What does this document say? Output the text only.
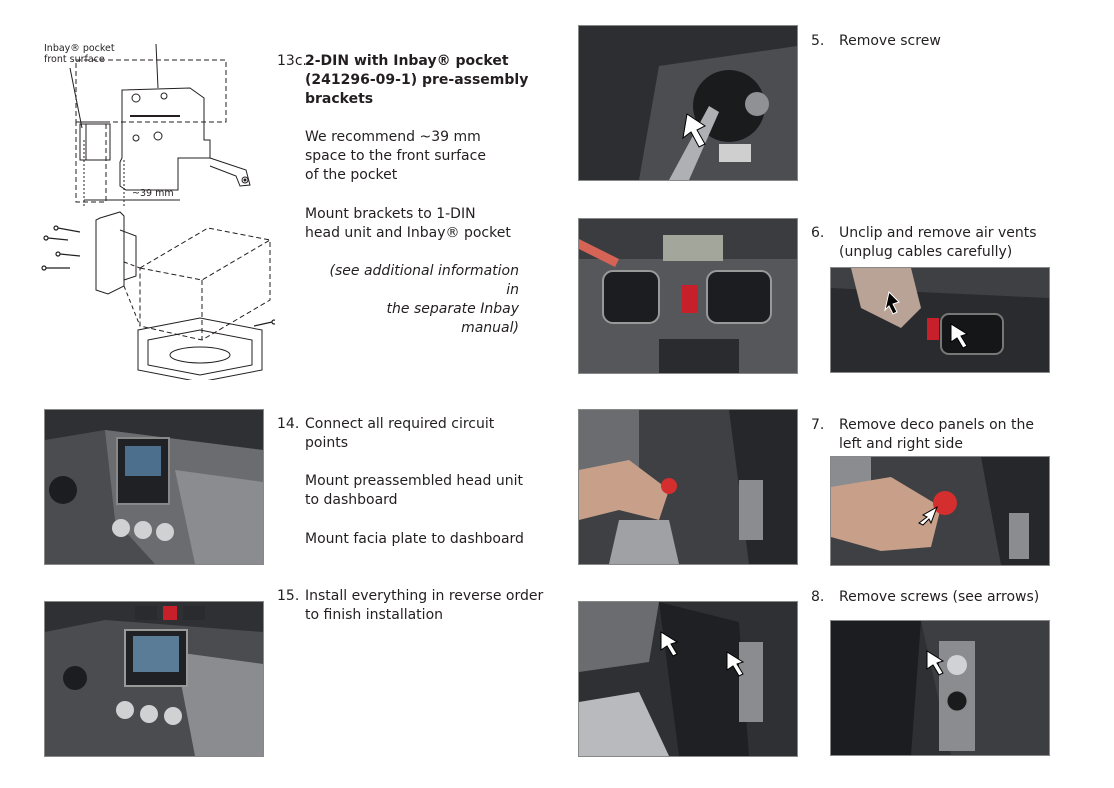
Inbay® pocket
front surface
~39 mm
13c.
2-DIN with Inbay® pocket
(241296-09-1) pre-assembly
brackets
We recommend ~39 mm
space to the front surface
of the pocket
Mount brackets to 1-DIN
head unit and Inbay® pocket
(see additional information in
the separate Inbay manual)
14. Connect all required circuit
points
Mount preassembled head unit
to dashboard
Mount facia plate to dashboard
15. Install everything in reverse order
to finish installation
5. Remove screw
6. Unclip and remove air vents
(unplug cables carefully)
7. Remove deco panels on the
left and right side
8. Remove screws (see arrows)
